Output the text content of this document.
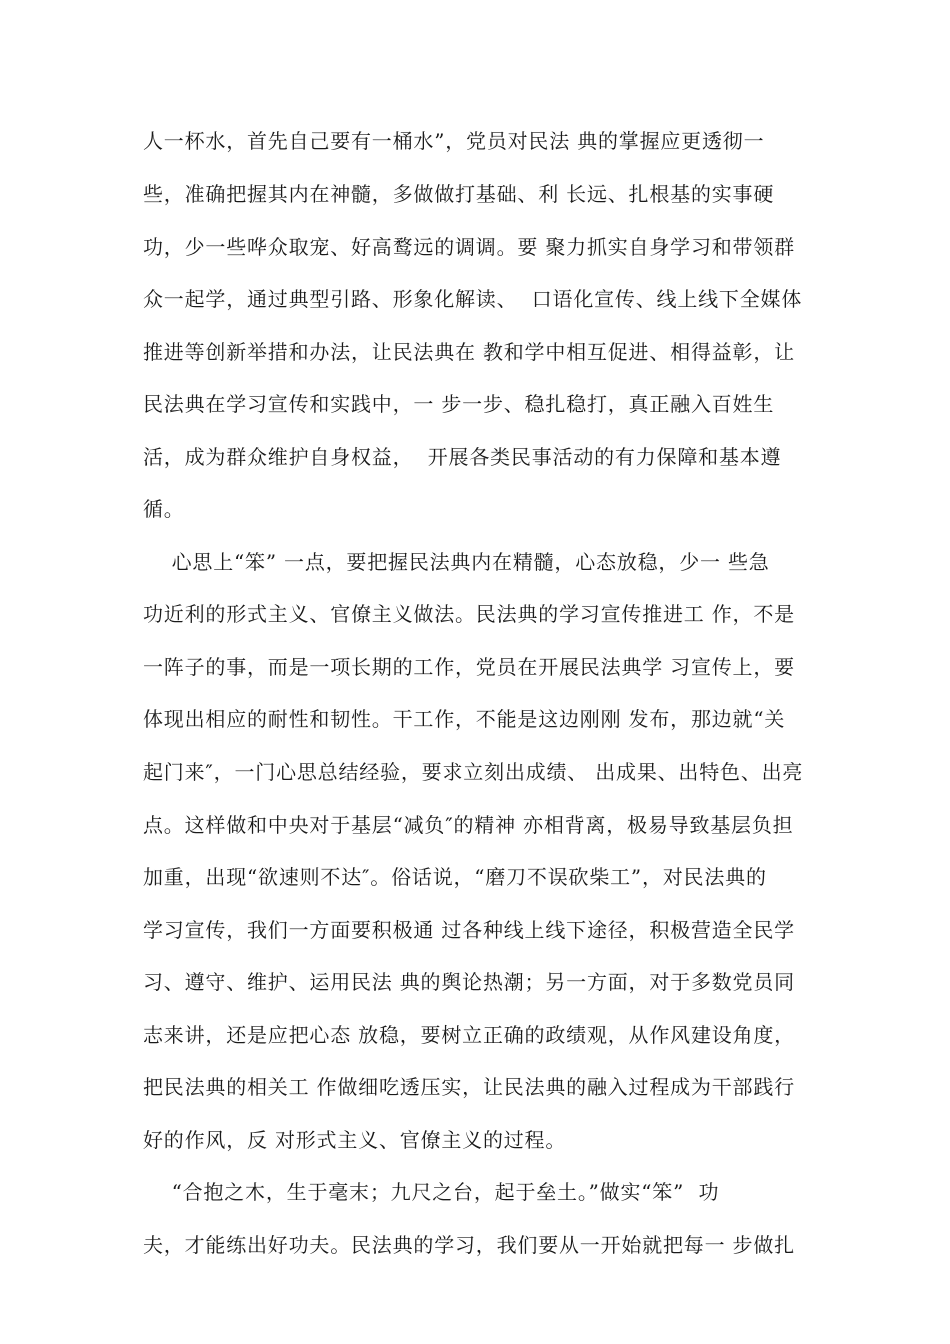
人一杯水，首先自己要有一桶水”，党员对民法 典的掌握应更透彻一
些，准确把握其内在神髓，多做做打基础、利 长远、扎根基的实事硬
功，少一些哗众取宠、好高鹜远的调调。要 聚力抓实自身学习和带领群
众一起学，通过典型引路、形象化解读、  口语化宣传、线上线下全媒体
推进等创新举措和办法，让民法典在 教和学中相互促进、相得益彰，让
民法典在学习宣传和实践中，一 步一步、稳扎稳打，真正融入百姓生
活，成为群众维护自身权益，  开展各类民事活动的有力保障和基本遵
循。
心思上“笨” 一点，要把握民法典内在精髓，心态放稳，少一 些急
功近利的形式主义、官僚主义做法。民法典的学习宣传推进工 作，不是
一阵子的事，而是一项长期的工作，党员在开展民法典学 习宣传上，要
体现出相应的耐性和韧性。干工作，不能是这边刚刚 发布，那边就“关
起门来″，一门心思总结经验，要求立刻出成绩、 出成果、出特色、出亮
点。这样做和中央对于基层“减负″的精神 亦相背离，极易导致基层负担
加重，出现“欲速则不达″。俗话说，“磨刀不误砍柴工”，对民法典的
学习宣传，我们一方面要积极通 过各种线上线下途径，积极营造全民学
习、遵守、维护、运用民法 典的舆论热潮；另一方面，对于多数党员同
志来讲，还是应把心态 放稳，要树立正确的政绩观，从作风建设角度，
把民法典的相关工 作做细吃透压实，让民法典的融入过程成为干部践行
好的作风，反 对形式主义、官僚主义的过程。
“合抱之木，生于毫末；九尺之台，起于垒土。”做实“笨”  功
夫，才能练出好功夫。民法典的学习，我们要从一开始就把每一 步做扎
